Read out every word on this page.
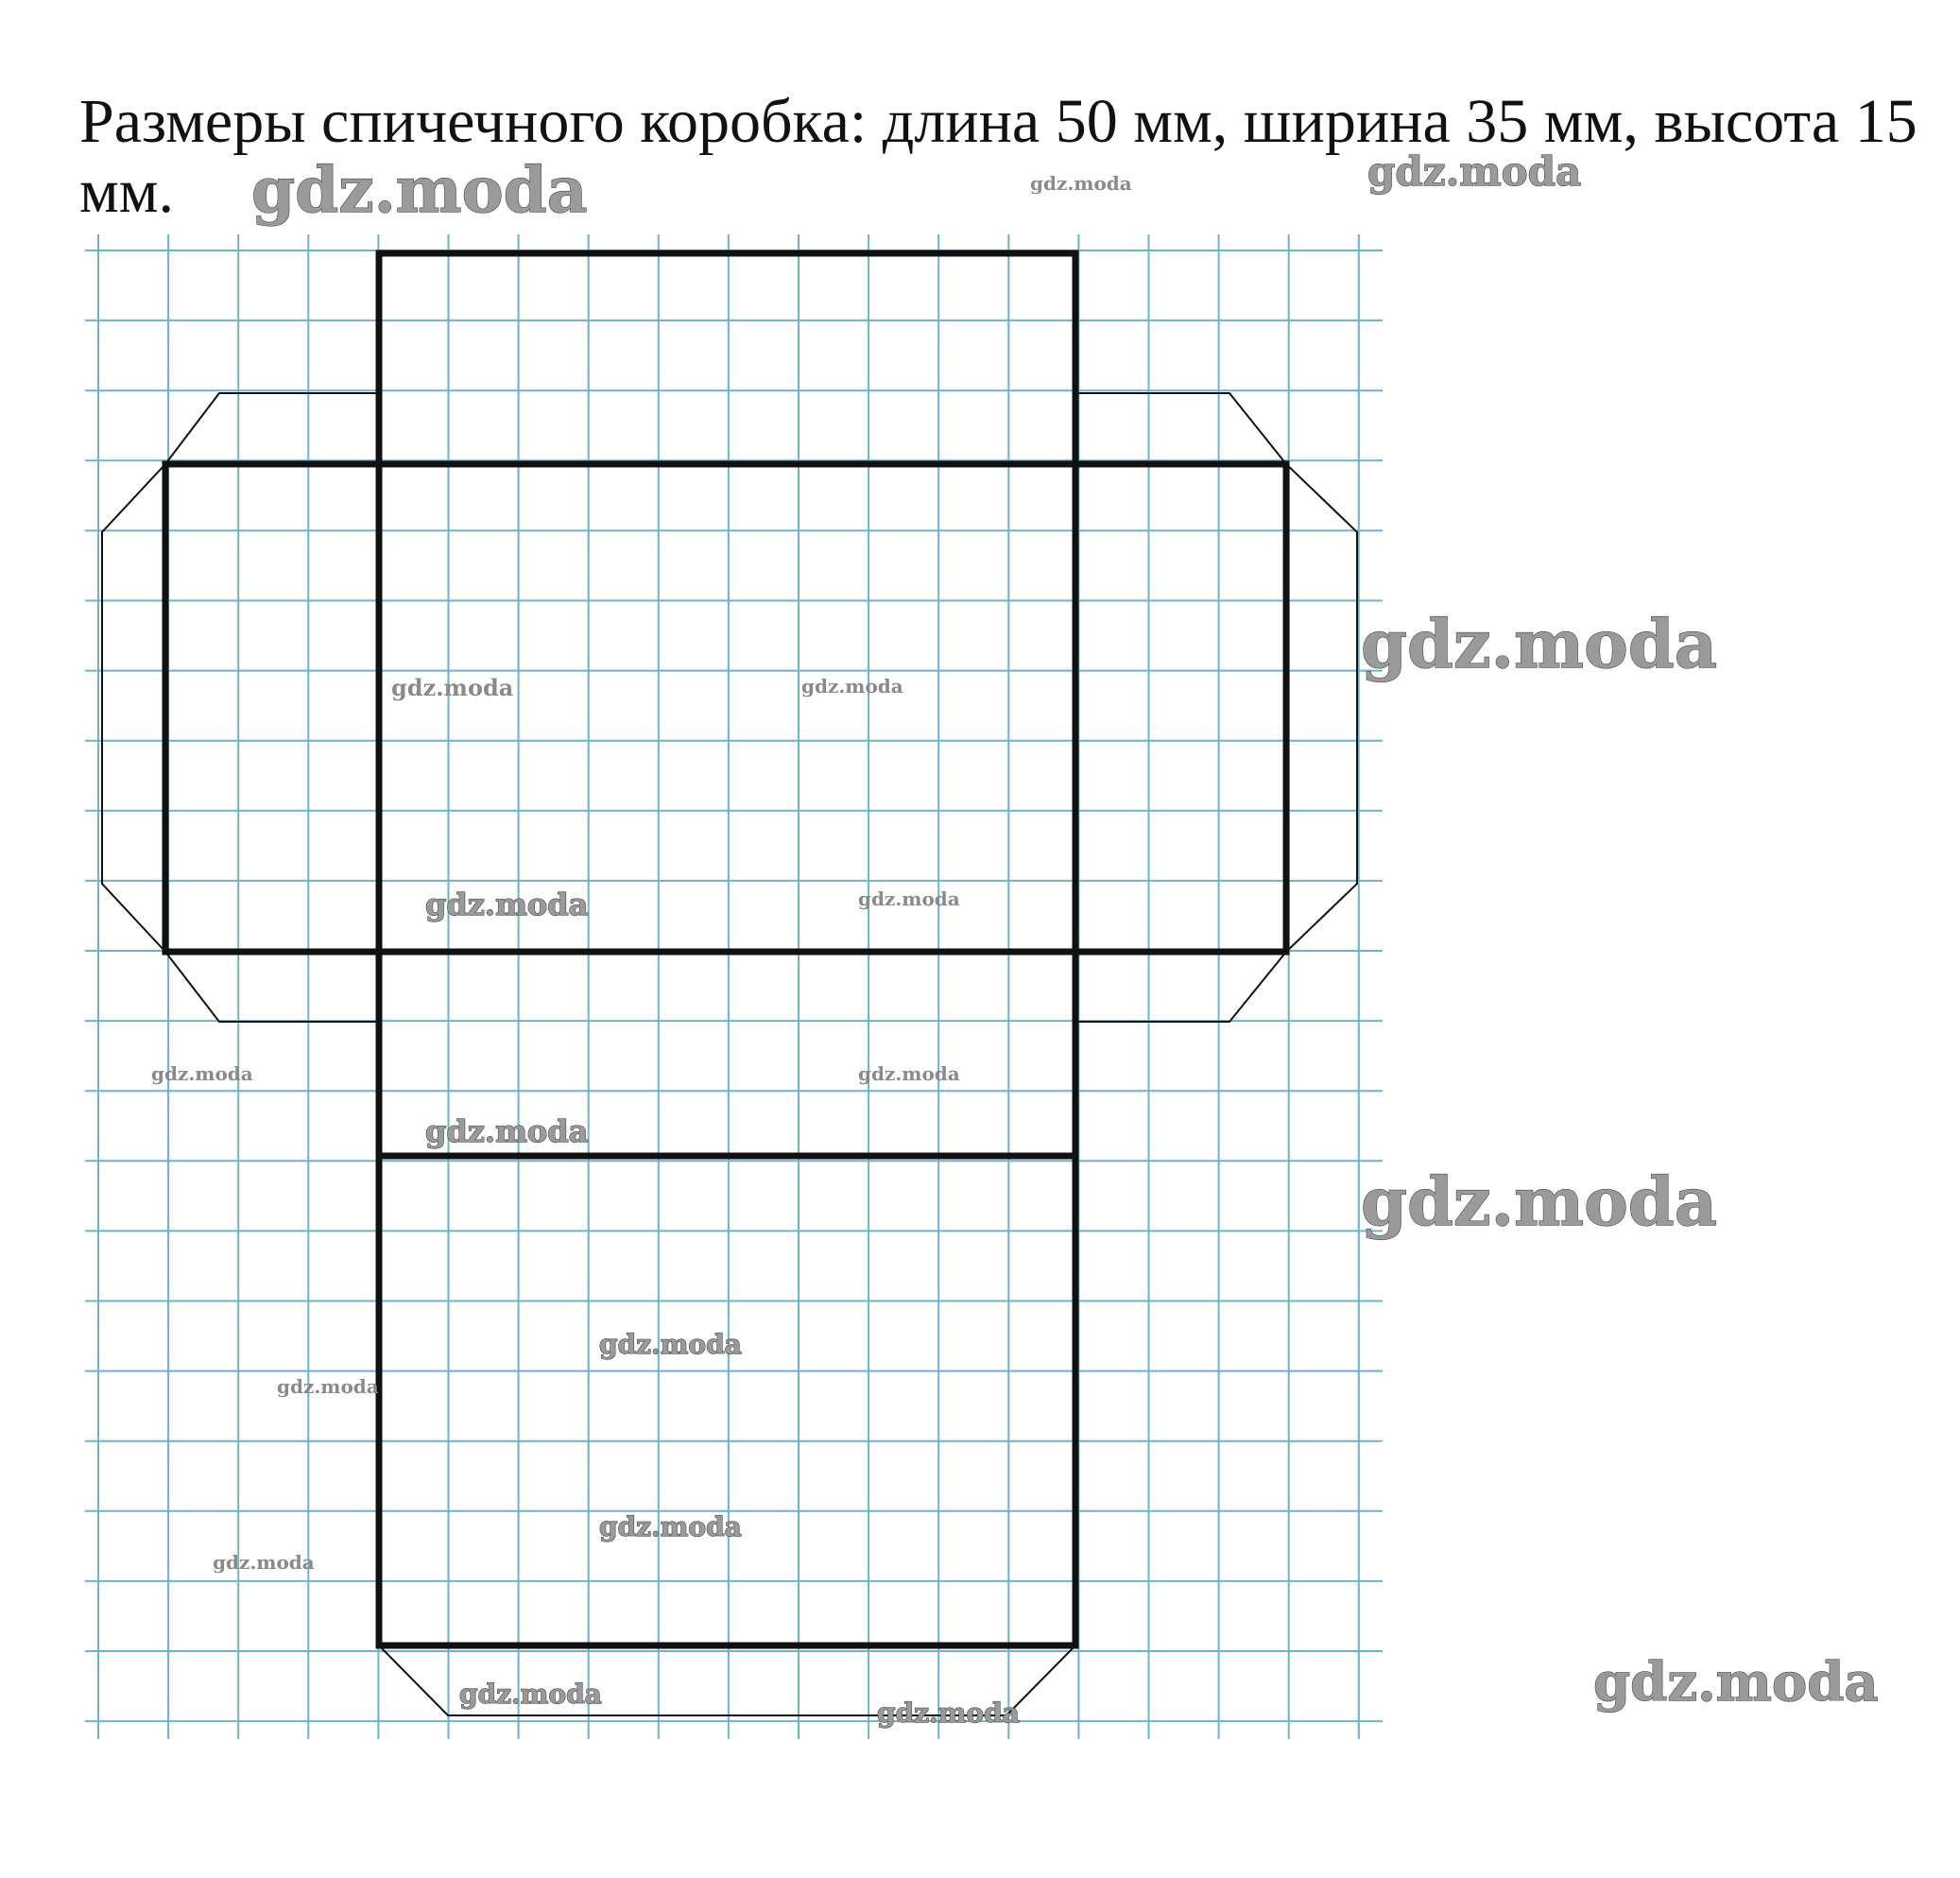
Размеры спичечного коробка: длина 50 мм, ширина 35 мм, высота 15 мм.	gdz.moda	gdz.moda
gdz.moda
gdz.moda
gdz.moda
gdz.moda
gdz.moda
gdz.moda
gdz.moda
gdz.moda
gdz.moda
gdz.moda
gdz.moda	gdz.moda
gdz.moda
gdz.moda	gdz.moda
gdz.moda
gdz.moda
